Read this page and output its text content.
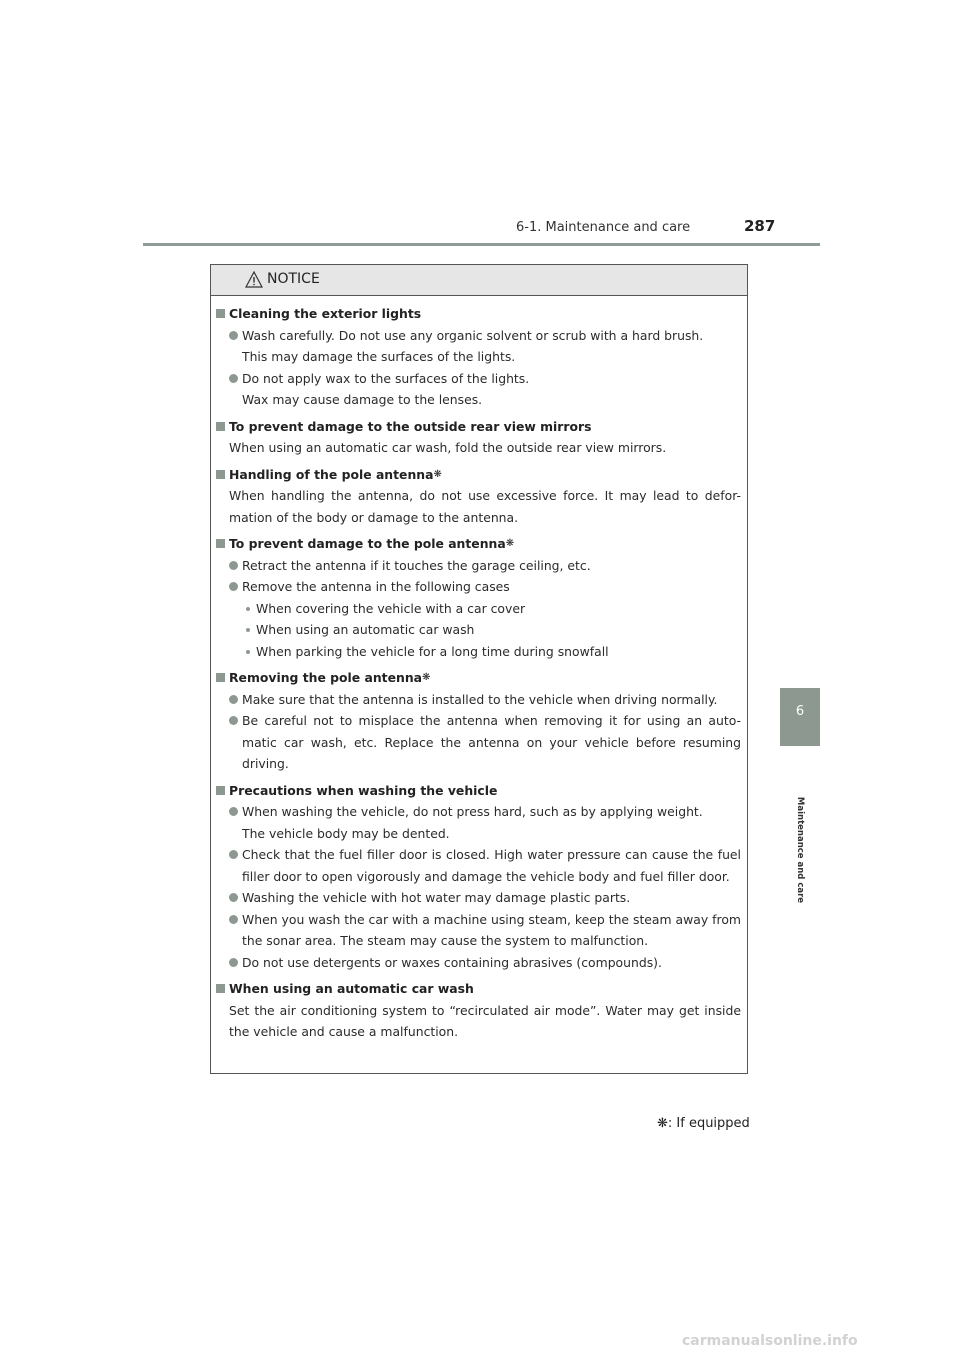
6-1. Maintenance and care	287
6
Maintenance and care
NOTICE
Cleaning the exterior lights
Wash carefully. Do not use any organic solvent or scrub with a hard brush.
This may damage the surfaces of the lights.
Do not apply wax to the surfaces of the lights.
Wax may cause damage to the lenses.
To prevent damage to the outside rear view mirrors
When using an automatic car wash, fold the outside rear view mirrors.
Handling of the pole antenna❋
When handling the antenna, do not use excessive force. It may lead to defor-mation of the body or damage to the antenna.
To prevent damage to the pole antenna❋
Retract the antenna if it touches the garage ceiling, etc.
Remove the antenna in the following cases
When covering the vehicle with a car cover
When using an automatic car wash
When parking the vehicle for a long time during snowfall
Removing the pole antenna❋
Make sure that the antenna is installed to the vehicle when driving normally.
Be careful not to misplace the antenna when removing it for using an auto-matic car wash, etc. Replace the antenna on your vehicle before resuming driving.
Precautions when washing the vehicle
When washing the vehicle, do not press hard, such as by applying weight.
The vehicle body may be dented.
Check that the fuel filler door is closed. High water pressure can cause the fuel filler door to open vigorously and damage the vehicle body and fuel filler door.
Washing the vehicle with hot water may damage plastic parts.
When you wash the car with a machine using steam, keep the steam away from the sonar area. The steam may cause the system to malfunction.
Do not use detergents or waxes containing abrasives (compounds).
When using an automatic car wash
Set the air conditioning system to “recirculated air mode”. Water may get inside the vehicle and cause a malfunction.
❋: If equipped
carmanualsonline.info
